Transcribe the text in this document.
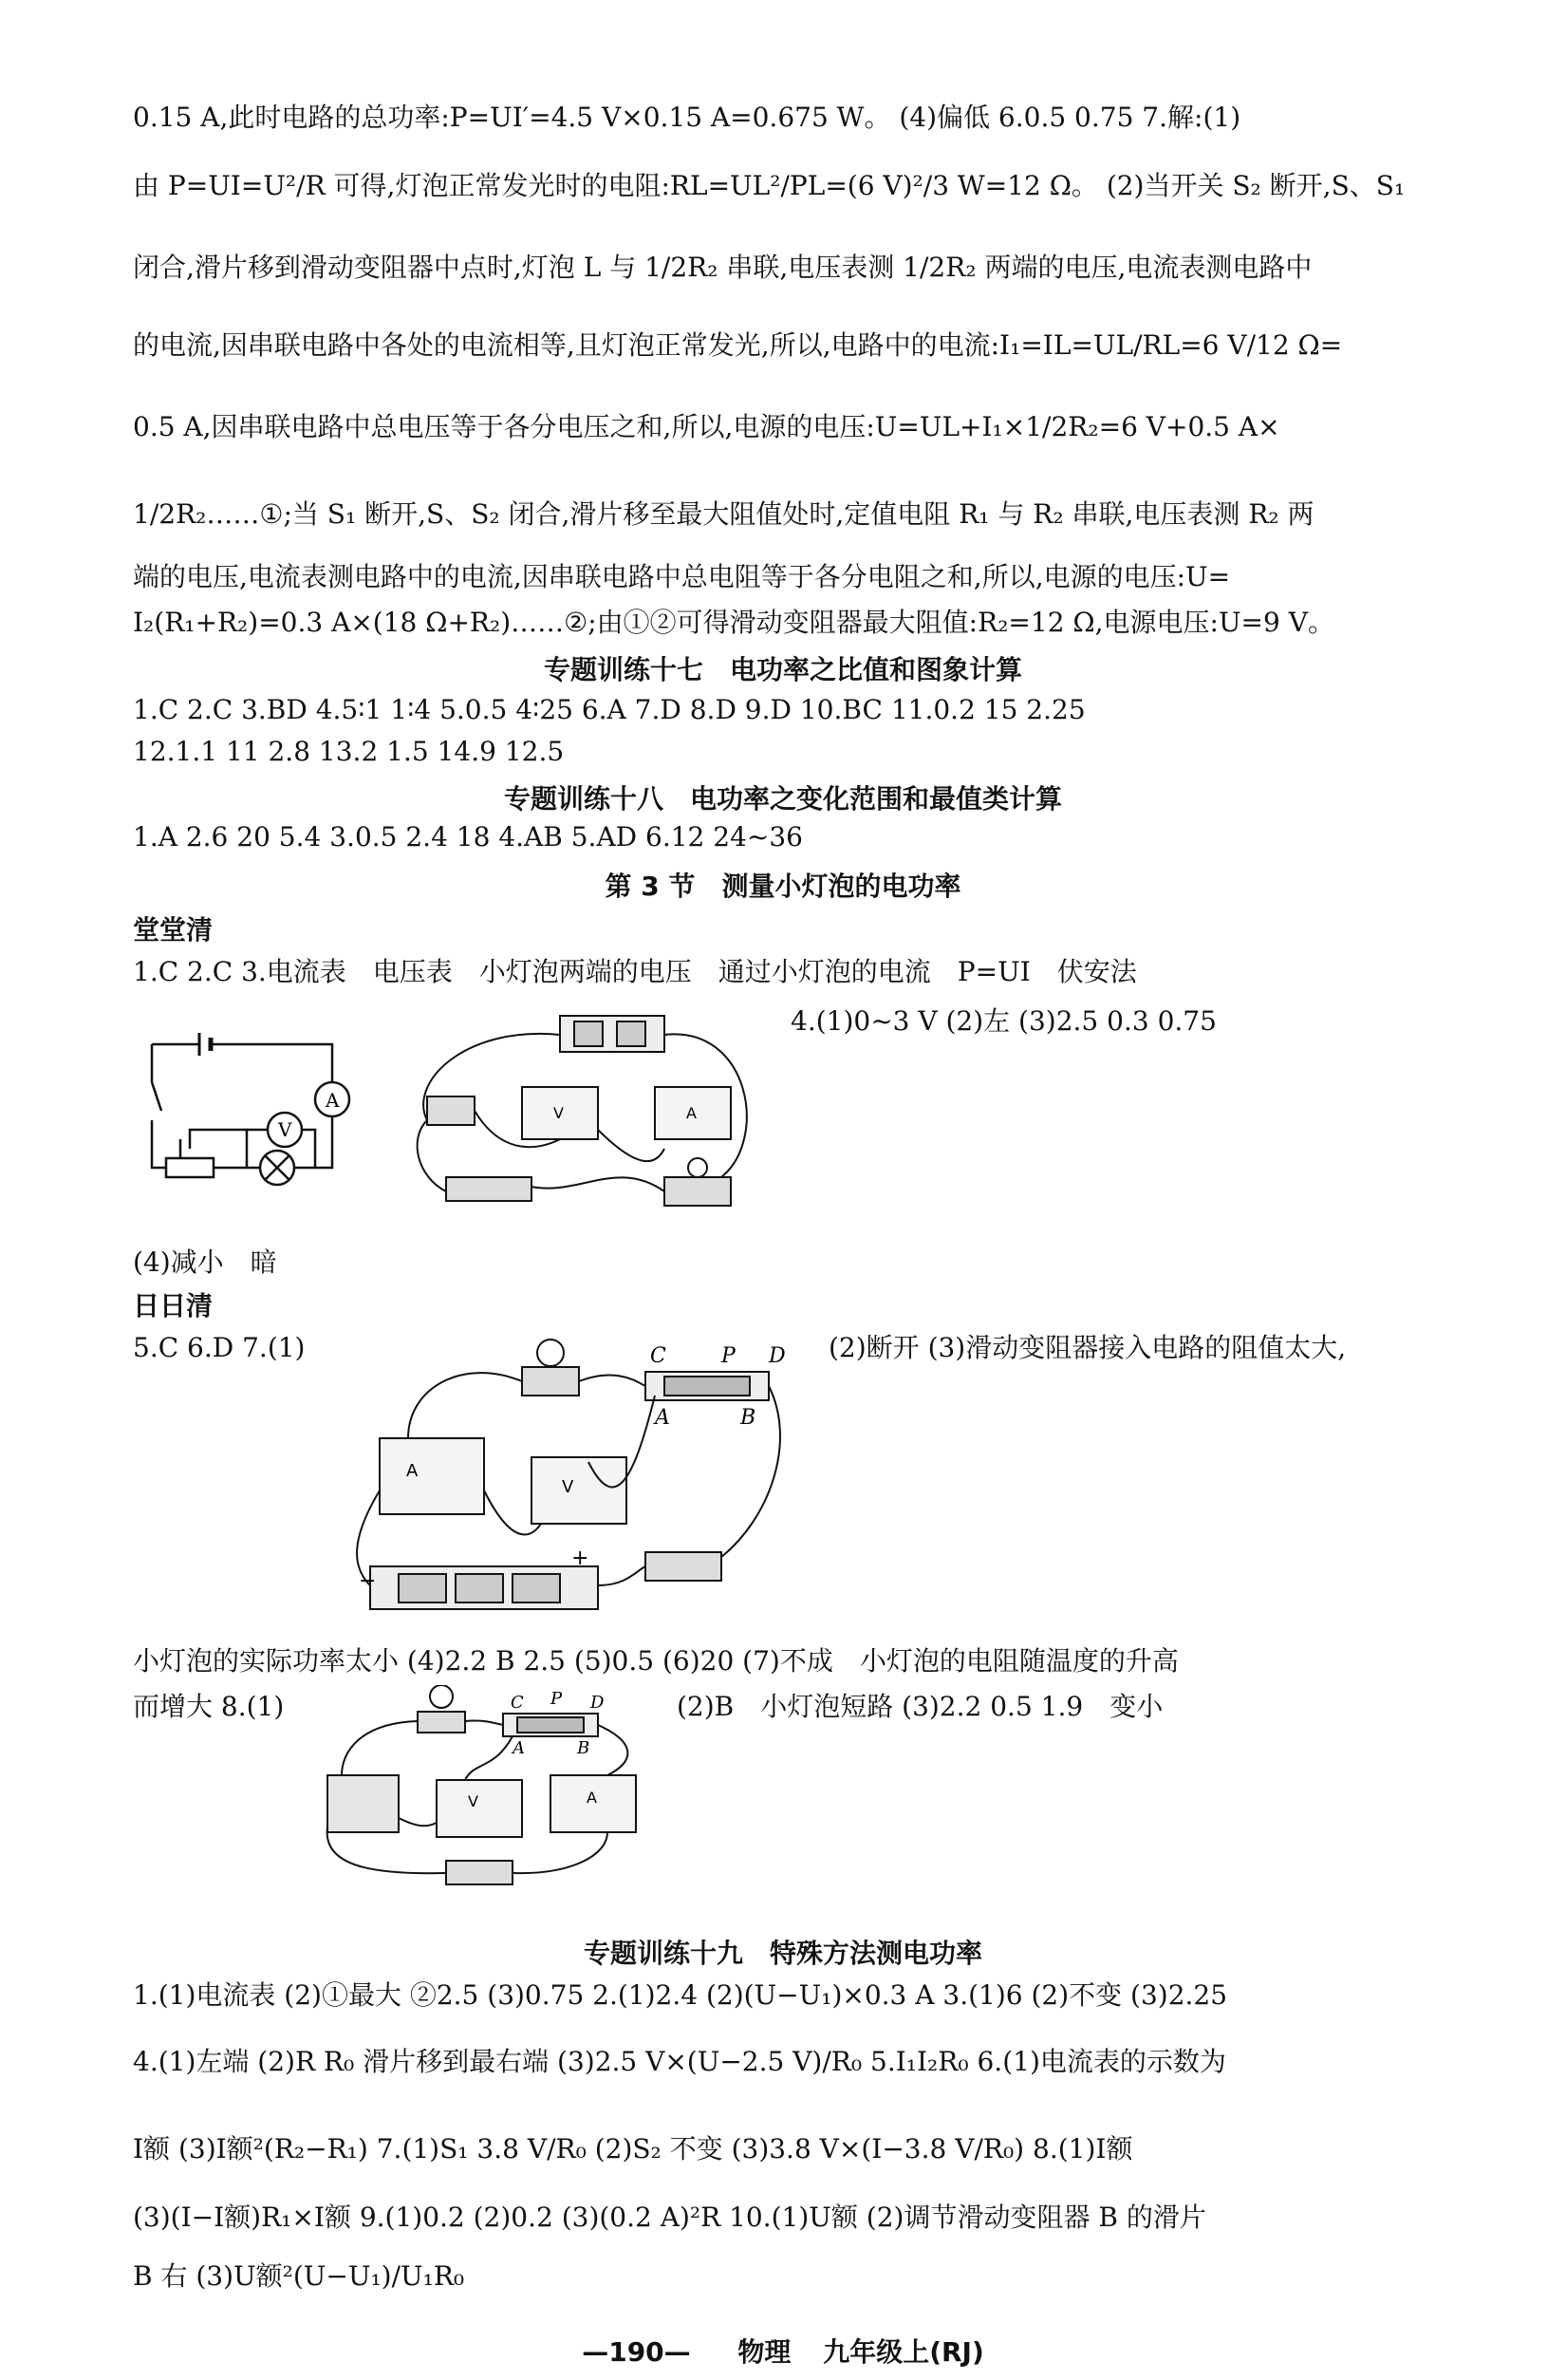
0.15 A,此时电路的总功率:P=UI′=4.5 V×0.15 A=0.675 W。 (4)偏低 6.0.5 0.75 7.解:(1)
由 P=UI=U²/R 可得,灯泡正常发光时的电阻:RL=UL²/PL=(6 V)²/3 W=12 Ω。 (2)当开关 S₂ 断开,S、S₁
闭合,滑片移到滑动变阻器中点时,灯泡 L 与 1/2R₂ 串联,电压表测 1/2R₂ 两端的电压,电流表测电路中
的电流,因串联电路中各处的电流相等,且灯泡正常发光,所以,电路中的电流:I₁=IL=UL/RL=6 V/12 Ω=
0.5 A,因串联电路中总电压等于各分电压之和,所以,电源的电压:U=UL+I₁×1/2R₂=6 V+0.5 A×
1/2R₂……①;当 S₁ 断开,S、S₂ 闭合,滑片移至最大阻值处时,定值电阻 R₁ 与 R₂ 串联,电压表测 R₂ 两
端的电压,电流表测电路中的电流,因串联电路中总电阻等于各分电阻之和,所以,电源的电压:U=
I₂(R₁+R₂)=0.3 A×(18 Ω+R₂)……②;由①②可得滑动变阻器最大阻值:R₂=12 Ω,电源电压:U=9 V。
专题训练十七　电功率之比值和图象计算
1.C 2.C 3.BD 4.5∶1 1∶4 5.0.5 4∶25 6.A 7.D 8.D 9.D 10.BC 11.0.2 15 2.25
12.1.1 11 2.8 13.2 1.5 14.9 12.5
专题训练十八　电功率之变化范围和最值类计算
1.A 2.6 20 5.4 3.0.5 2.4 18 4.AB 5.AD 6.12 24~36
第 3 节　测量小灯泡的电功率
堂堂清
1.C 2.C 3.电流表　电压表　小灯泡两端的电压　通过小灯泡的电流　P=UI　伏安法
4.(1)0~3 V (2)左 (3)2.5 0.3 0.75
A
V
V	A
(4)减小　暗
日日清
5.C 6.D 7.(1)	(2)断开 (3)滑动变阻器接入电路的阻值太大,
A
V
C	P D
A	B
−
+
小灯泡的实际功率太小 (4)2.2 B 2.5 (5)0.5 (6)20 (7)不成　小灯泡的电阻随温度的升高
而增大 8.(1)	(2)B　小灯泡短路 (3)2.2 0.5 1.9　变小
V	A
C P D
A	B
专题训练十九　特殊方法测电功率
1.(1)电流表 (2)①最大 ②2.5 (3)0.75 2.(1)2.4 (2)(U−U₁)×0.3 A 3.(1)6 (2)不变 (3)2.25
4.(1)左端 (2)R R₀ 滑片移到最右端 (3)2.5 V×(U−2.5 V)/R₀ 5.I₁I₂R₀ 6.(1)电流表的示数为
I额 (3)I额²(R₂−R₁) 7.(1)S₁ 3.8 V/R₀ (2)S₂ 不变 (3)3.8 V×(I−3.8 V/R₀) 8.(1)I额
(3)(I−I额)R₁×I额 9.(1)0.2 (2)0.2 (3)(0.2 A)²R 10.(1)U额 (2)调节滑动变阻器 B 的滑片
B 右 (3)U额²(U−U₁)/U₁R₀
—190— 物理 九年级上(RJ)
